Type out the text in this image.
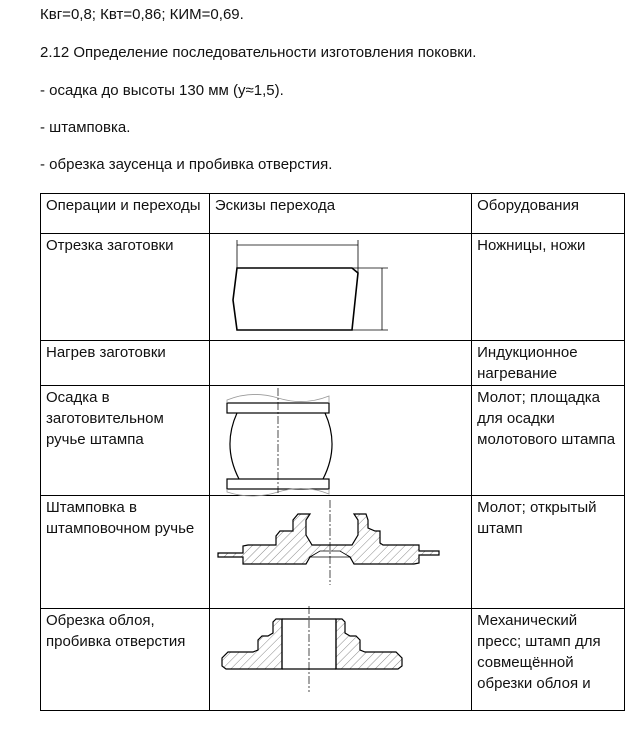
Квг=0,8; Квт=0,86; КИМ=0,69.
2.12 Определение последовательности изготовления поковки.
- осадка до высоты 130 мм (у≈1,5).
- штамповка.
- обрезка заусенца и пробивка отверстия.
Операции и переходы	Эскизы перехода	Оборудования
Отрезка заготовки		Ножницы, ножи
Нагрев заготовки		Индукционное нагревание
Осадка в заготовительном ручье штампа		Молот; площадка для осадки молотового штампа
Штамповка в штамповочном ручье		Молот; открытый штамп
Обрезка облоя, пробивка отверстия		Механический пресс; штамп для совмещённой обрезки облоя и
